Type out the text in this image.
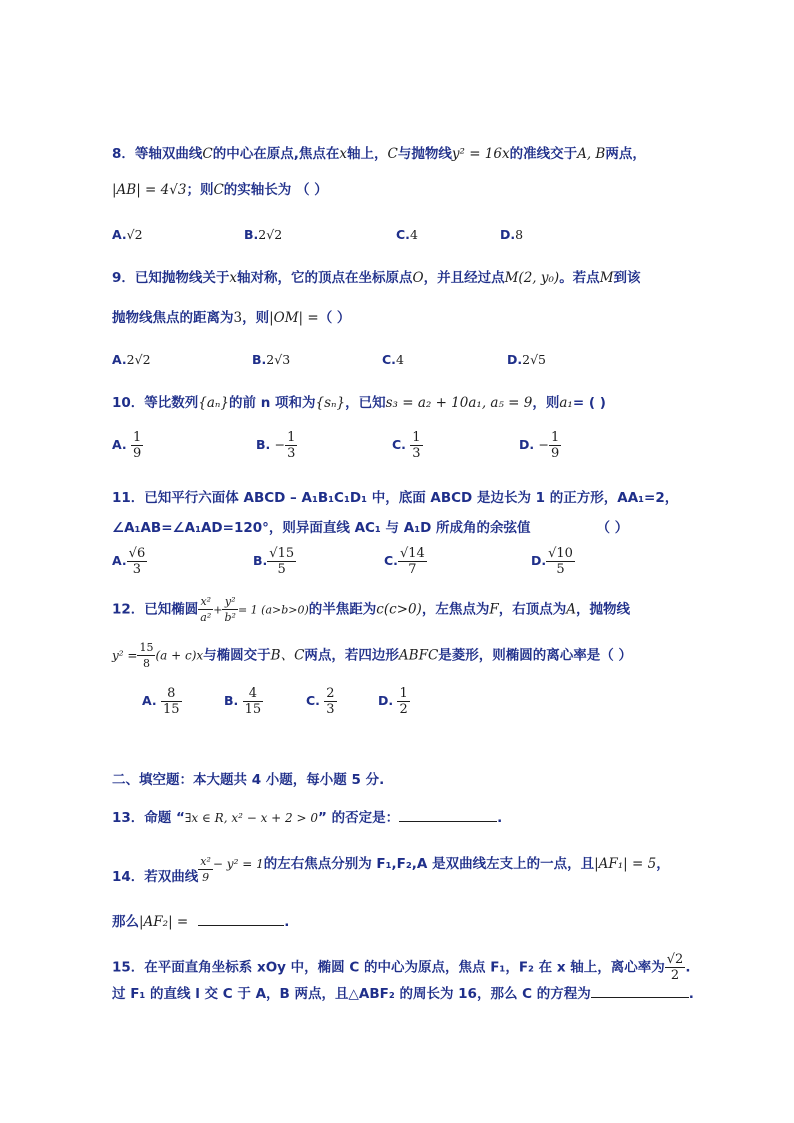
8．等轴双曲线C的中心在原点,焦点在x轴上，C与抛物线y² = 16x的准线交于A, B两点，
|AB| = 4√3；则C的实轴长为 （ ）
A.√2	B.2√2	C.4	D.8
9．已知抛物线关于x轴对称，它的顶点在坐标原点O，并且经过点M(2, y₀)。若点M到该
抛物线焦点的距离为3，则|OM| =（ ）
A.2√2	B.2√3	C.4	D.2√5
10．等比数列{aₙ}的前 n 项和为{sₙ}，已知s₃ = a₂ + 10a₁, a₅ = 9，则a₁= ( )
A. $\frac{1}{9}$	B. − $\frac{1}{3}$	C. $\frac{1}{3}$	D. − $\frac{1}{9}$
11．已知平行六面体 ABCD – A₁B₁C₁D₁ 中，底面 ABCD 是边长为 1 的正方形，AA₁=2，
∠A₁AB=∠A₁AD=120°，则异面直线 AC₁ 与 A₁D 所成角的余弦值	（ ）
A. $\frac{√6}{3}$	B. $\frac{√15}{5}$	C. $\frac{√14}{7}$	D. $\frac{√10}{5}$
12．已知椭圆 $\frac{\text{x²}}{\text{a²}} + \frac{\text{y²}}{\text{b²}} = 1$ (a>b>0)的半焦距为c(c>0)，左焦点为F，右顶点为A，抛物线
$y^2 = \frac{15}{8} (a + c)x$与椭圆交于B、C两点，若四边形ABFC是菱形，则椭圆的离心率是（ ）
A. $\frac{8}{15}$	B. $\frac{4}{15}$	C. $\frac{2}{3}$	D. $\frac{1}{2}$
二、填空题：本大题共 4 小题，每小题 5 分.
13．命题 “∃x ∈ R, x² − x + 2 > 0” 的否定是：	.
14．若双曲线 $\frac{\text{x²}}{9} - y^2 = 1$的左右焦点分别为 F₁,F₂,A 是双曲线左支上的一点，且|AF₁| = 5，
那么|AF₂| =	.
15．在平面直角坐标系 xOy 中，椭圆 C 的中心为原点，焦点 F₁，F₂ 在 x 轴上，离心率为 $\frac{√2}{2}$ .
过 F₁ 的直线 l 交 C 于 A，B 两点，且△ABF₂ 的周长为 16，那么 C 的方程为	.
